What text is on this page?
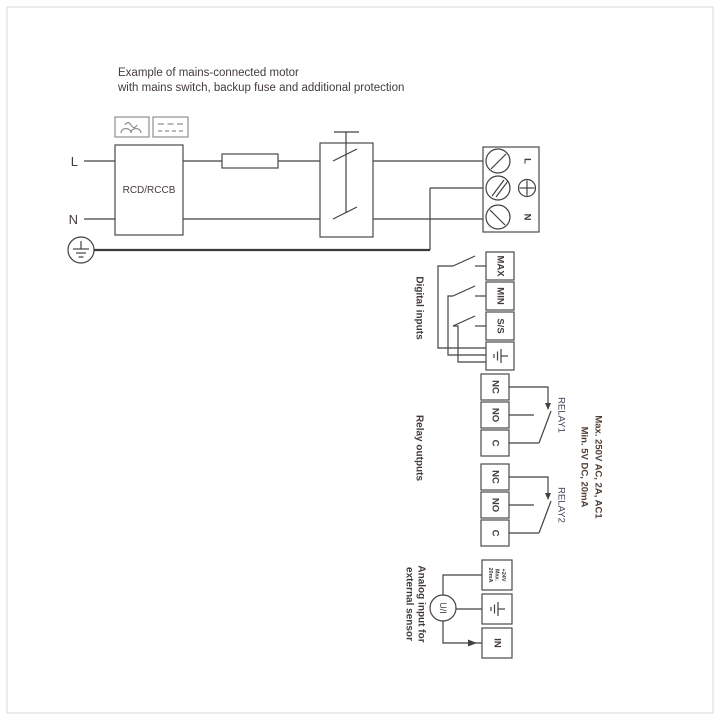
Example of mains-connected motor
with mains switch, backup fuse and additional protection
RCD/RCCB
L
N
L
N
Digital inputs
MAX
MIN
S/S
Relay outputs
NC
NO
C
RELAY1
NC
NO
C
RELAY2	Max. 250V AC, 2A, AC1
Min. 5V DC, 20mA
Analog input for
external sensor	U/I
+24V
Max.
20mA
IN
